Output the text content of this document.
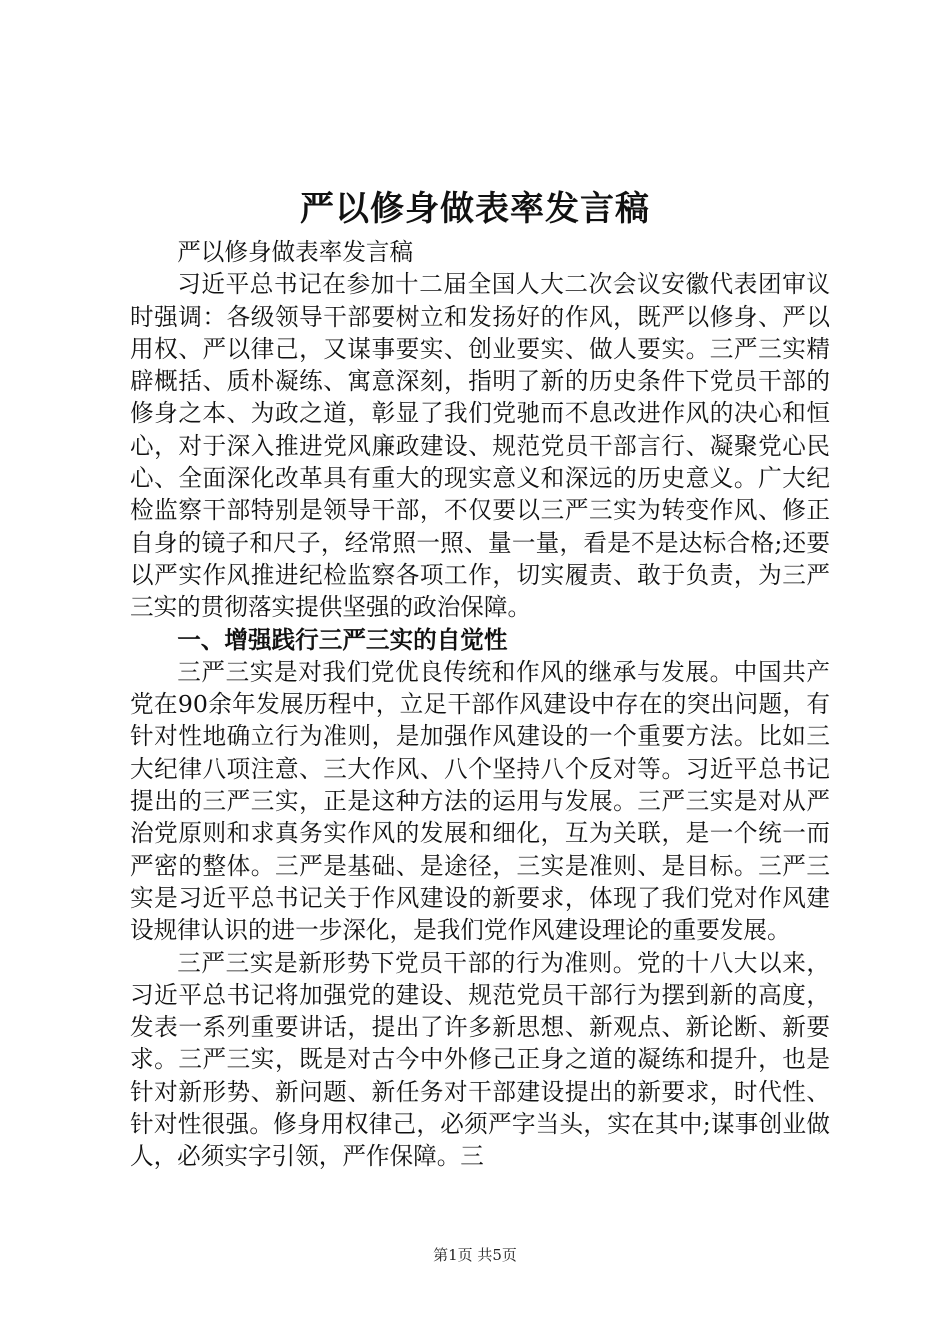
严以修身做表率发言稿

严以修身做表率发言稿

习近平总书记在参加十二届全国人大二次会议安徽代表团审议时强调：各级领导干部要树立和发扬好的作风，既严以修身、严以用权、严以律己，又谋事要实、创业要实、做人要实。三严三实精辟概括、质朴凝练、寓意深刻，指明了新的历史条件下党员干部的修身之本、为政之道，彰显了我们党驰而不息改进作风的决心和恒心，对于深入推进党风廉政建设、规范党员干部言行、凝聚党心民心、全面深化改革具有重大的现实意义和深远的历史意义。广大纪检监察干部特别是领导干部，不仅要以三严三实为转变作风、修正自身的镜子和尺子，经常照一照、量一量，看是不是达标合格;还要以严实作风推进纪检监察各项工作，切实履责、敢于负责，为三严三实的贯彻落实提供坚强的政治保障。

一、增强践行三严三实的自觉性

三严三实是对我们党优良传统和作风的继承与发展。中国共产党在90余年发展历程中，立足干部作风建设中存在的突出问题，有针对性地确立行为准则，是加强作风建设的一个重要方法。比如三大纪律八项注意、三大作风、八个坚持八个反对等。习近平总书记提出的三严三实，正是这种方法的运用与发展。三严三实是对从严治党原则和求真务实作风的发展和细化，互为关联，是一个统一而严密的整体。三严是基础、是途径，三实是准则、是目标。三严三实是习近平总书记关于作风建设的新要求，体现了我们党对作风建设规律认识的进一步深化，是我们党作风建设理论的重要发展。

三严三实是新形势下党员干部的行为准则。党的十八大以来，习近平总书记将加强党的建设、规范党员干部行为摆到新的高度，发表一系列重要讲话，提出了许多新思想、新观点、新论断、新要求。三严三实，既是对古今中外修己正身之道的凝练和提升，也是针对新形势、新问题、新任务对干部建设提出的新要求，时代性、针对性很强。修身用权律己，必须严字当头，实在其中;谋事创业做人，必须实字引领，严作保障。三

第1页 共5页
